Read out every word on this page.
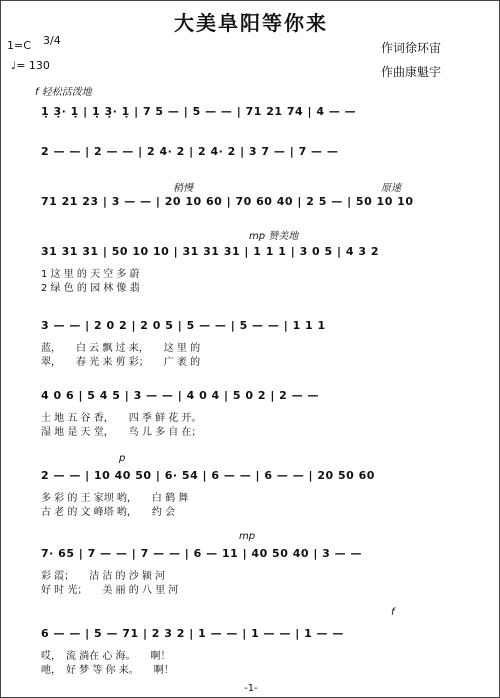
大美阜阳等你来
1=C 3/4
♩= 130
作词徐环宙
作曲康魁宇
f 轻松活泼地
1̣ 3̣· 1̣ | 1̣ 3̣· 1̣ | 7 5 — | 5 — — | 71 21 74 | 4 — —
2 — — | 2 — — | 2 4· 2 | 2 4· 2 | 3 7 — | 7 — —
稍慢	原速
71 21 23 | 3 — — | 20 10 60 | 70 60 40 | 2 5 — | 50 10 10
mp 赞美地
31 31 31 | 50 10 10 | 31 31 31 | 1 1 1 | 3 0 5 | 4 3 2
1 这 里 的 天 空 多 蔚
2 绿 色 的 园 林 像 翡
3 — — | 2 0 2 | 2 0 5 | 5 — — | 5 — — | 1 1 1
蓝，　　白 云 飘 过 来，　　这 里 的
翠，　　春 光 来 剪 彩；　　广 袤 的
4 0 6 | 5 4 5 | 3 — — | 4 0 4 | 5 0 2 | 2 — —
土 地 五 谷 香，　　四 季 鲜 花 开。
湿 地 是 天 堂，　　鸟 儿 多 自 在；
p
2 — — | 10 40 50 | 6· 54 | 6 — — | 6 — — | 20 50 60
多 彩 的 王 家坝 哟，　　白 鹤 舞
古 老 的 文 峰塔 哟，　　约 会
mp
7· 65 | 7 — — | 7 — — | 6 — 11 | 40 50 40 | 3 — —
彩 霞；　　洁 洁 的 沙 颍 河
好 时 光；　　美 丽 的 八 里 河
f
6 — — | 5 — 71 | 2 3 2 | 1 — — | 1 — — | 1 — —
哎，　流 淌在 心 海。　　啊！
吔，　好 梦 等 你 来。　　啊！
-1-
